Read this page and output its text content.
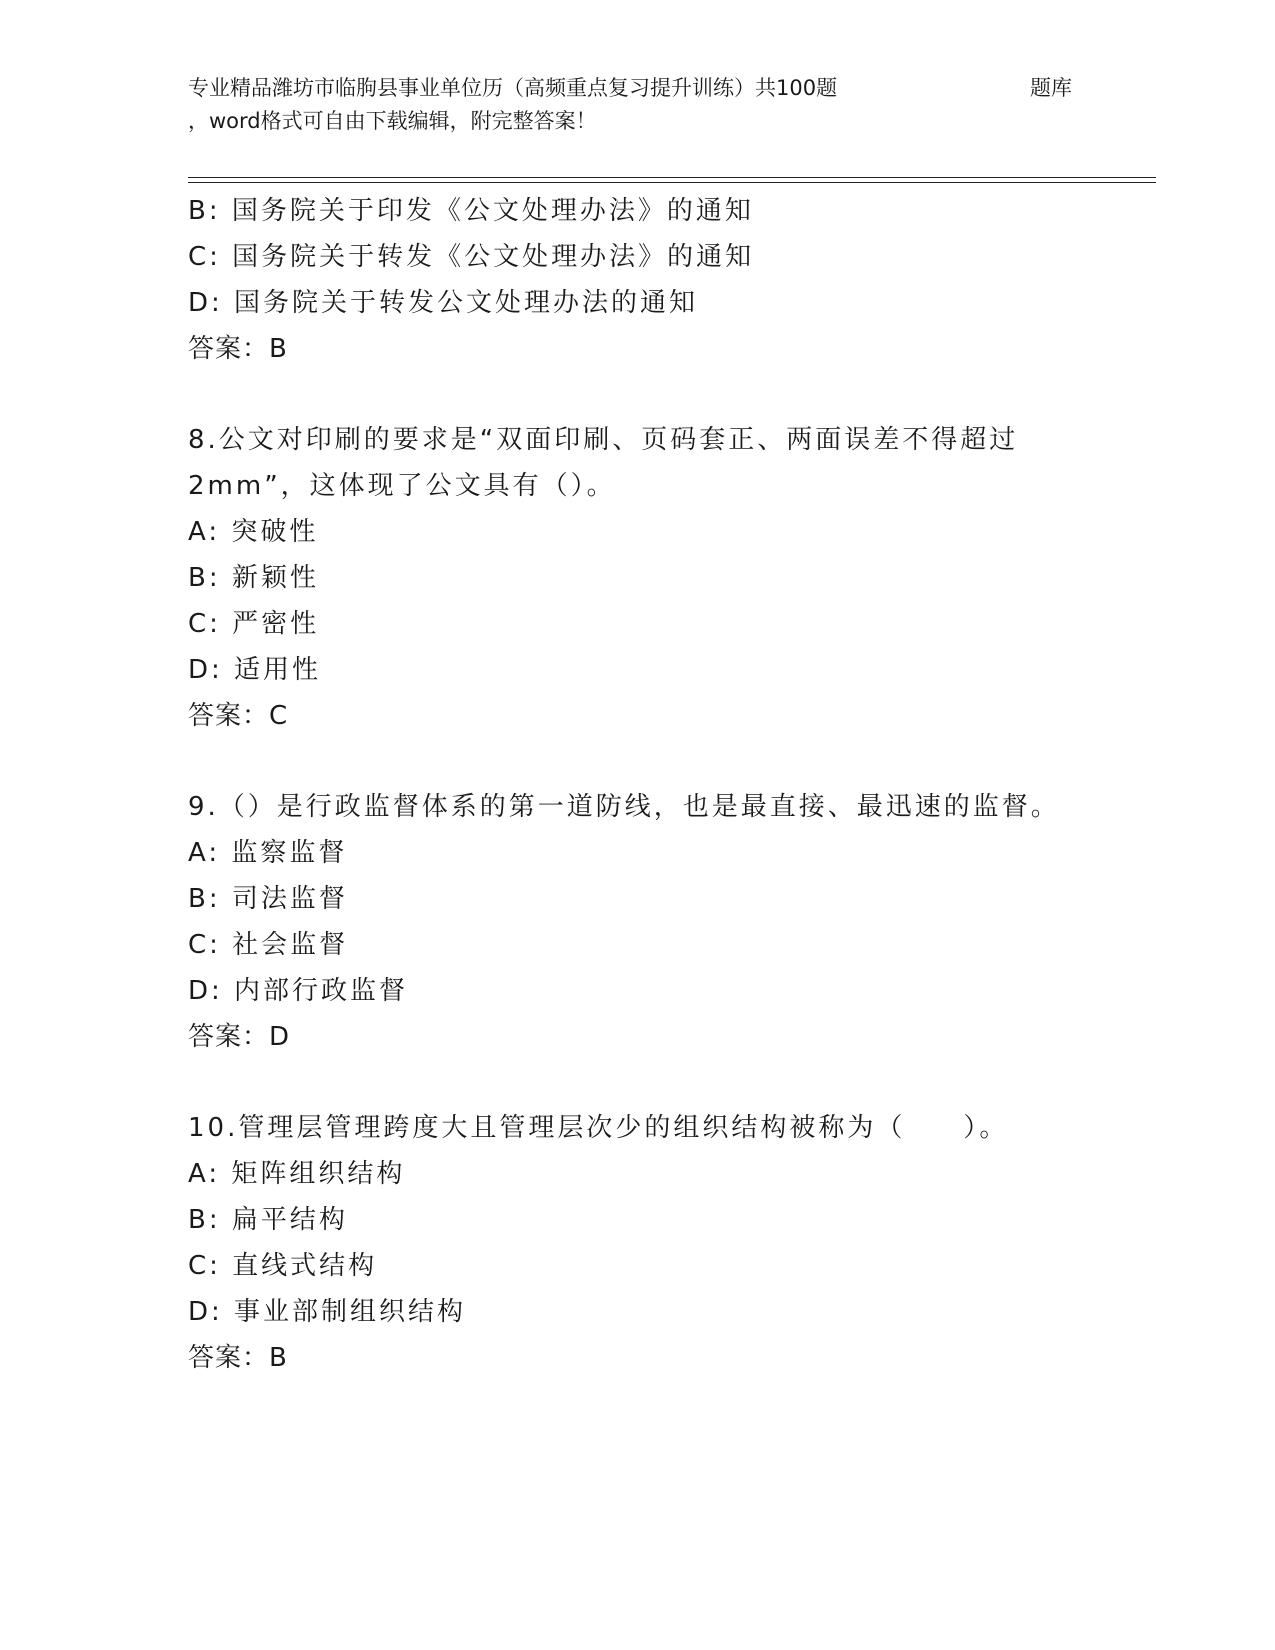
专业精品潍坊市临朐县事业单位历（高频重点复习提升训练）共100题	题库
，word格式可自由下载编辑，附完整答案！
B: 国务院关于印发《公文处理办法》的通知
C: 国务院关于转发《公文处理办法》的通知
D: 国务院关于转发公文处理办法的通知
答案：B
8.公文对印刷的要求是“双面印刷、页码套正、两面误差不得超过
2mm”，这体现了公文具有（）。
A: 突破性
B: 新颖性
C: 严密性
D: 适用性
答案：C
9.（）是行政监督体系的第一道防线，也是最直接、最迅速的监督。
A: 监察监督
B: 司法监督
C: 社会监督
D: 内部行政监督
答案：D
10.管理层管理跨度大且管理层次少的组织结构被称为（　　）。
A: 矩阵组织结构
B: 扁平结构
C: 直线式结构
D: 事业部制组织结构
答案：B
